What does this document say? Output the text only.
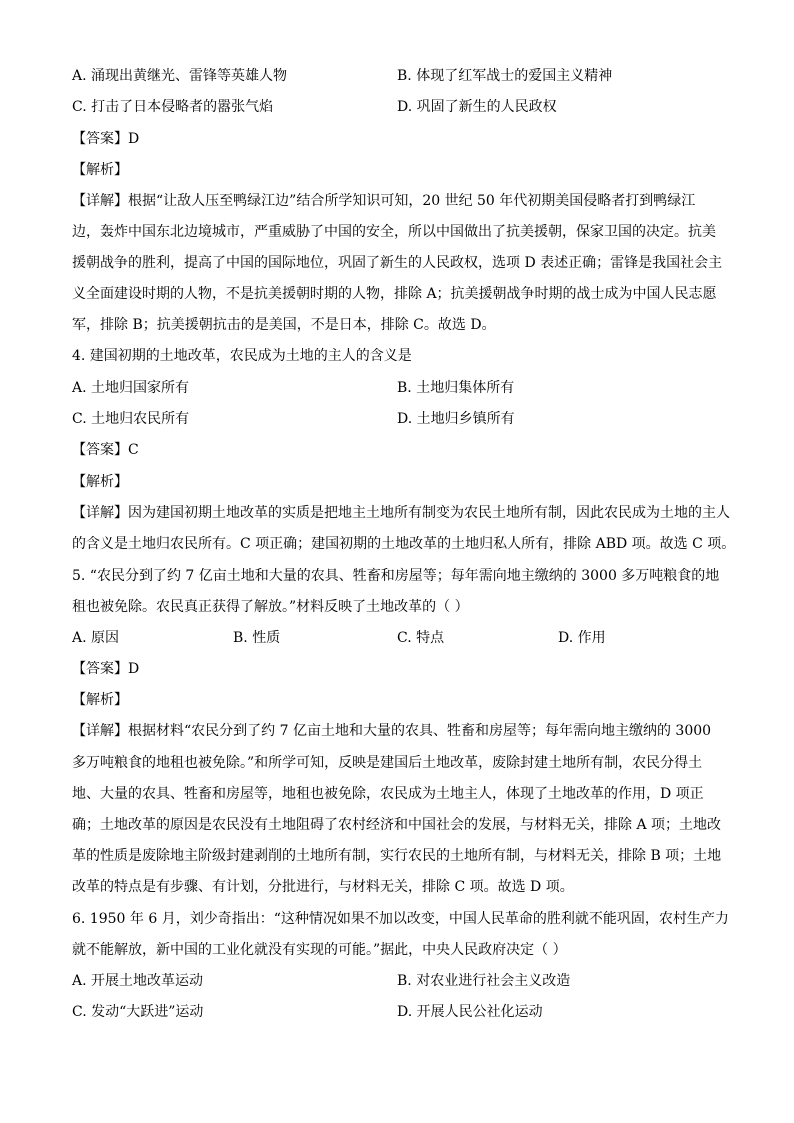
A. 涌现出黄继光、雷锋等英雄人物	B. 体现了红军战士的爱国主义精神
C. 打击了日本侵略者的嚣张气焰	D. 巩固了新生的人民政权
【答案】D
【解析】
【详解】根据“让敌人压至鸭绿江边”结合所学知识可知，20 世纪 50 年代初期美国侵略者打到鸭绿江
边，轰炸中国东北边境城市，严重威胁了中国的安全，所以中国做出了抗美援朝，保家卫国的决定。抗美
援朝战争的胜利，提高了中国的国际地位，巩固了新生的人民政权，选项 D 表述正确；雷锋是我国社会主
义全面建设时期的人物，不是抗美援朝时期的人物，排除 A；抗美援朝战争时期的战士成为中国人民志愿
军，排除 B；抗美援朝抗击的是美国，不是日本，排除 C。故选 D。
4. 建国初期的土地改革，农民成为土地的主人的含义是
A. 土地归国家所有	B. 土地归集体所有
C. 土地归农民所有	D. 土地归乡镇所有
【答案】C
【解析】
【详解】因为建国初期土地改革的实质是把地主土地所有制变为农民土地所有制，因此农民成为土地的主人
的含义是土地归农民所有。C 项正确；建国初期的土地改革的土地归私人所有，排除 ABD 项。故选 C 项。
5. “农民分到了约 7 亿亩土地和大量的农具、牲畜和房屋等；每年需向地主缴纳的 3000 多万吨粮食的地
租也被免除。农民真正获得了解放。”材料反映了土地改革的（ ）
A. 原因	B. 性质	C. 特点	D. 作用
【答案】D
【解析】
【详解】根据材料“农民分到了约 7 亿亩土地和大量的农具、牲畜和房屋等；每年需向地主缴纳的 3000
多万吨粮食的地租也被免除。”和所学可知，反映是建国后土地改革，废除封建土地所有制，农民分得土
地、大量的农具、牲畜和房屋等，地租也被免除，农民成为土地主人，体现了土地改革的作用，D 项正
确；土地改革的原因是农民没有土地阻碍了农村经济和中国社会的发展，与材料无关，排除 A 项；土地改
革的性质是废除地主阶级封建剥削的土地所有制，实行农民的土地所有制，与材料无关，排除 B 项；土地
改革的特点是有步骤、有计划，分批进行，与材料无关，排除 C 项。故选 D 项。
6. 1950 年 6 月，刘少奇指出：“这种情况如果不加以改变，中国人民革命的胜利就不能巩固，农村生产力
就不能解放，新中国的工业化就没有实现的可能。”据此，中央人民政府决定（ ）
A. 开展土地改革运动	B. 对农业进行社会主义改造
C. 发动“大跃进”运动	D. 开展人民公社化运动
